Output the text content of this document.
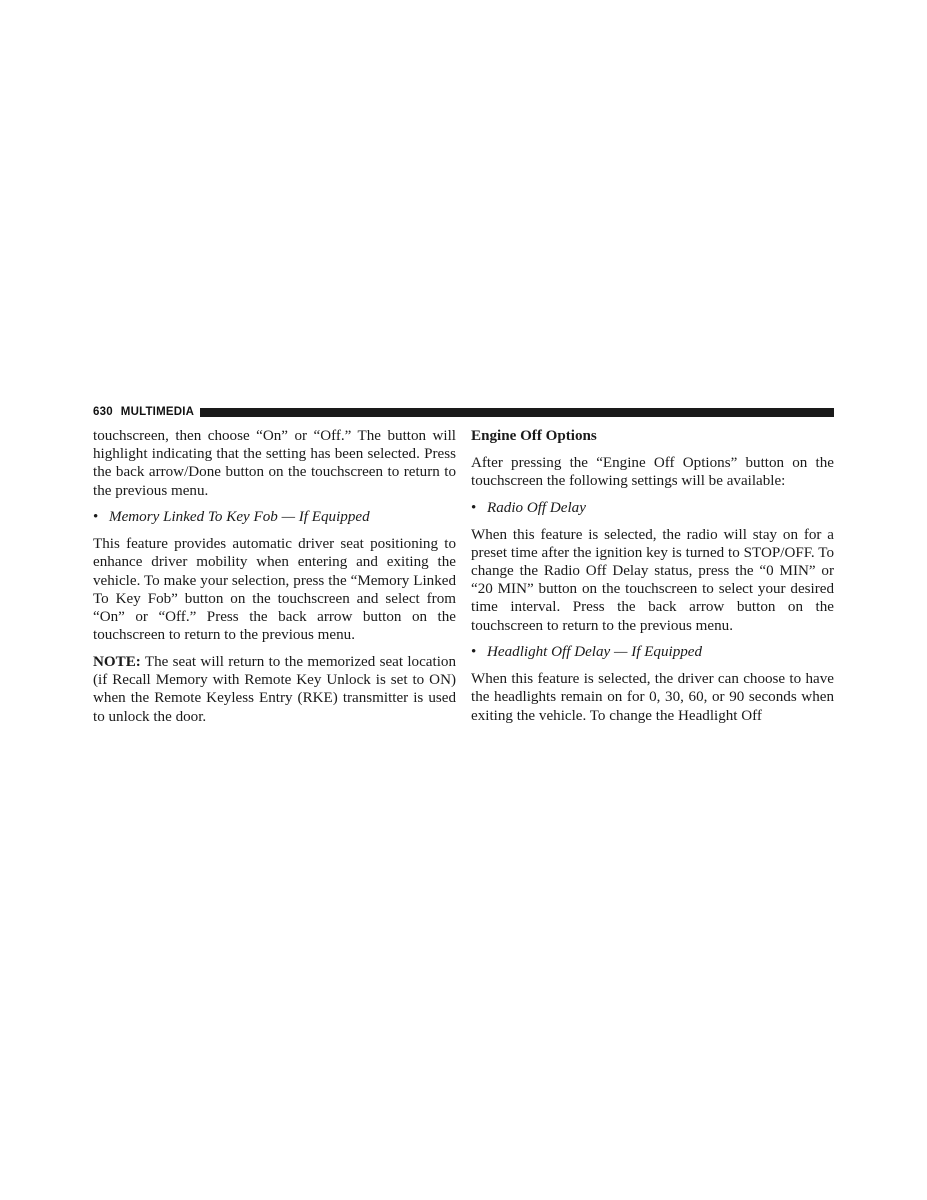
630 MULTIMEDIA

touchscreen, then choose “On” or “Off.” The button will highlight indicating that the setting has been selected. Press the back arrow/Done button on the touchscreen to return to the previous menu.

• Memory Linked To Key Fob — If Equipped

This feature provides automatic driver seat positioning to enhance driver mobility when entering and exiting the vehicle. To make your selection, press the “Memory Linked To Key Fob” button on the touchscreen and select from “On” or “Off.” Press the back arrow button on the touchscreen to return to the previous menu.

NOTE: The seat will return to the memorized seat location (if Recall Memory with Remote Key Unlock is set to ON) when the Remote Keyless Entry (RKE) transmitter is used to unlock the door.

Engine Off Options

After pressing the “Engine Off Options” button on the touchscreen the following settings will be available:

• Radio Off Delay

When this feature is selected, the radio will stay on for a preset time after the ignition key is turned to STOP/OFF. To change the Radio Off Delay status, press the “0 MIN” or “20 MIN” button on the touchscreen to select your desired time interval. Press the back arrow button on the touchscreen to return to the previous menu.

• Headlight Off Delay — If Equipped

When this feature is selected, the driver can choose to have the headlights remain on for 0, 30, 60, or 90 seconds when exiting the vehicle. To change the Headlight Off
